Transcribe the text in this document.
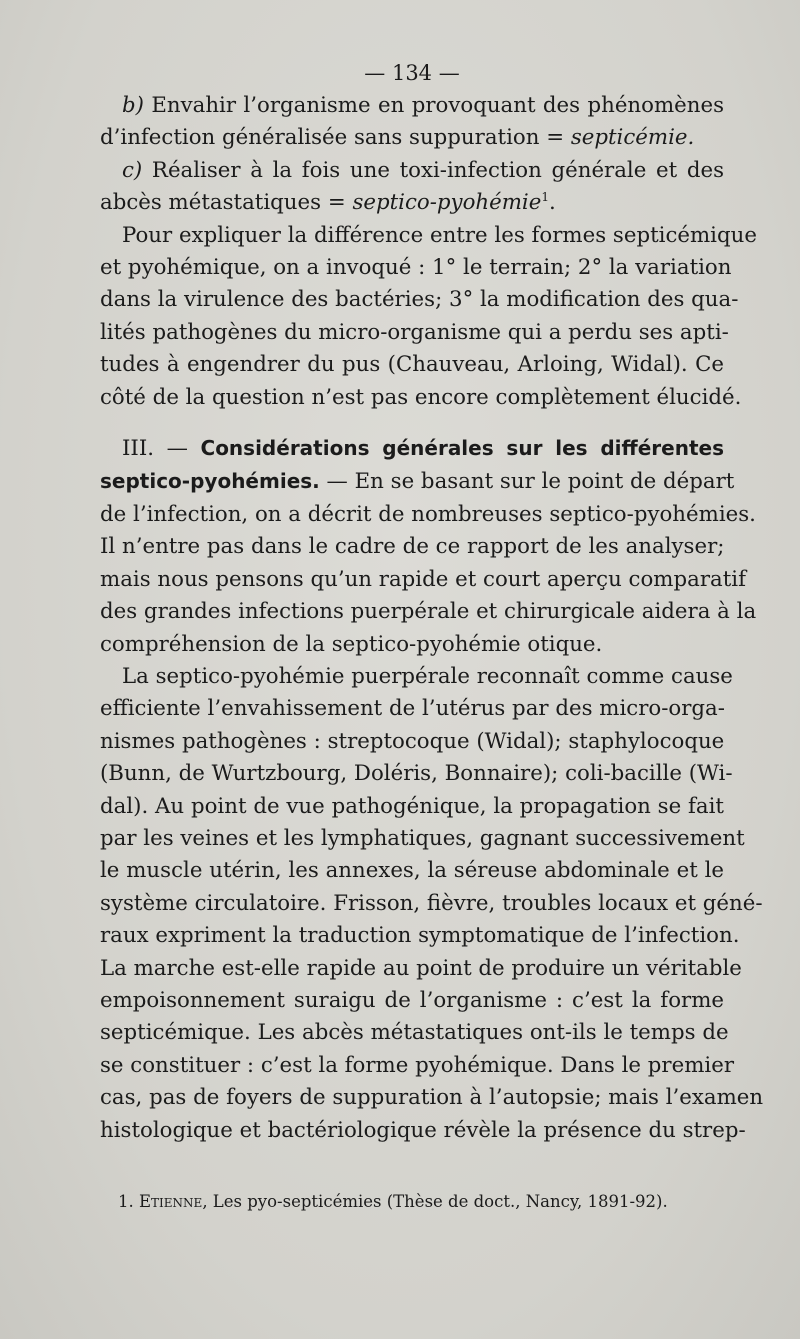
— 134 —
b) Envahir l’organisme en provoquant des phénomènes
d’infection généralisée sans suppuration = septicémie.
c) Réaliser à la fois une toxi-infection générale et des
abcès métastatiques = septico-pyohémie$^1$.
Pour expliquer la différence entre les formes septicémique
et pyohémique, on a invoqué : 1° le terrain; 2° la variation
dans la virulence des bactéries; 3° la modification des qua-
lités pathogènes du micro-organisme qui a perdu ses apti-
tudes à engendrer du pus (Chauveau, Arloing, Widal). Ce
côté de la question n’est pas encore complètement élucidé.
III. — Considérations générales sur les différentes
septico-pyohémies. — En se basant sur le point de départ
de l’infection, on a décrit de nombreuses septico-pyohémies.
Il n’entre pas dans le cadre de ce rapport de les analyser;
mais nous pensons qu’un rapide et court aperçu comparatif
des grandes infections puerpérale et chirurgicale aidera à la
compréhension de la septico-pyohémie otique.
La septico-pyohémie puerpérale reconnaît comme cause
efficiente l’envahissement de l’utérus par des micro-orga-
nismes pathogènes : streptocoque (Widal); staphylocoque
(Bunn, de Wurtzbourg, Doléris, Bonnaire); coli-bacille (Wi-
dal). Au point de vue pathogénique, la propagation se fait
par les veines et les lymphatiques, gagnant successivement
le muscle utérin, les annexes, la séreuse abdominale et le
système circulatoire. Frisson, fièvre, troubles locaux et géné-
raux expriment la traduction symptomatique de l’infection.
La marche est-elle rapide au point de produire un véritable
empoisonnement suraigu de l’organisme : c’est la forme
septicémique. Les abcès métastatiques ont-ils le temps de
se constituer : c’est la forme pyohémique. Dans le premier
cas, pas de foyers de suppuration à l’autopsie; mais l’examen
histologique et bactériologique révèle la présence du strep-
1. Etienne, Les pyo-septicémies (Thèse de doct., Nancy, 1891-92).
